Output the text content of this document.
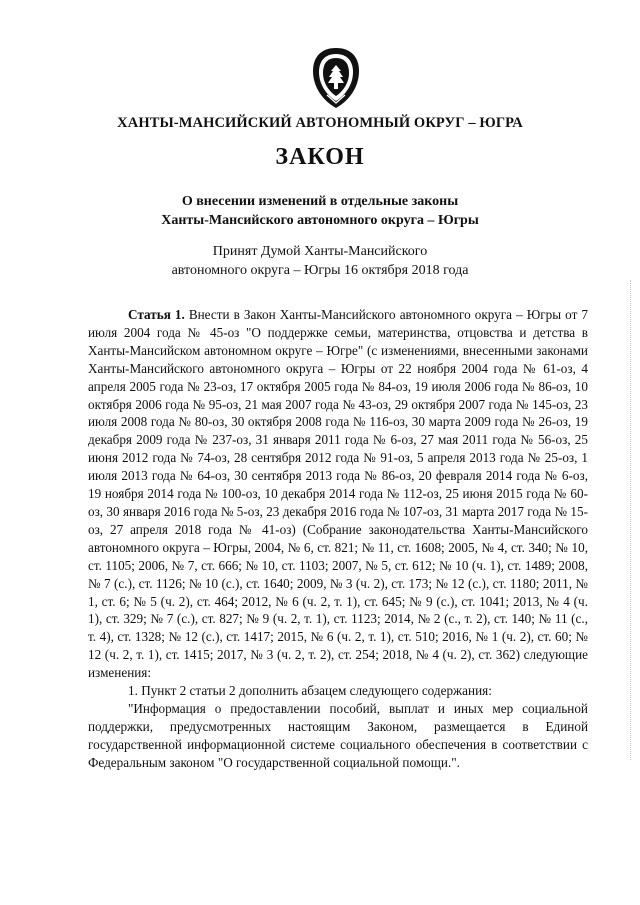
ХАНТЫ-МАНСИЙСКИЙ АВТОНОМНЫЙ ОКРУГ – ЮГРА
ЗАКОН
О внесении изменений в отдельные законы
Ханты-Мансийского автономного округа – Югры
Принят Думой Ханты-Мансийского
автономного округа – Югры 16 октября 2018 года

Статья 1. Внести в Закон Ханты-Мансийского автономного округа – Югры от 7 июля 2004 года № 45-оз "О поддержке семьи, материнства, отцовства и детства в Ханты-Мансийском автономном округе – Югре" (с изменениями, внесенными законами Ханты-Мансийского автономного округа – Югры от 22 ноября 2004 года № 61-оз, 4 апреля 2005 года № 23-оз, 17 октября 2005 года № 84-оз, 19 июля 2006 года № 86-оз, 10 октября 2006 года № 95-оз, 21 мая 2007 года № 43-оз, 29 октября 2007 года № 145-оз, 23 июля 2008 года № 80-оз, 30 октября 2008 года № 116-оз, 30 марта 2009 года № 26-оз, 19 декабря 2009 года № 237-оз, 31 января 2011 года № 6-оз, 27 мая 2011 года № 56-оз, 25 июня 2012 года № 74-оз, 28 сентября 2012 года № 91-оз, 5 апреля 2013 года № 25-оз, 1 июля 2013 года № 64-оз, 30 сентября 2013 года № 86-оз, 20 февраля 2014 года № 6-оз, 19 ноября 2014 года № 100-оз, 10 декабря 2014 года № 112-оз, 25 июня 2015 года № 60-оз, 30 января 2016 года № 5-оз, 23 декабря 2016 года № 107-оз, 31 марта 2017 года № 15-оз, 27 апреля 2018 года № 41-оз) (Собрание законодательства Ханты-Мансийского автономного округа – Югры, 2004, № 6, ст. 821; № 11, ст. 1608; 2005, № 4, ст. 340; № 10, ст. 1105; 2006, № 7, ст. 666; № 10, ст. 1103; 2007, № 5, ст. 612; № 10 (ч. 1), ст. 1489; 2008, № 7 (с.), ст. 1126; № 10 (с.), ст. 1640; 2009, № 3 (ч. 2), ст. 173; № 12 (с.), ст. 1180; 2011, № 1, ст. 6; № 5 (ч. 2), ст. 464; 2012, № 6 (ч. 2, т. 1), ст. 645; № 9 (с.), ст. 1041; 2013, № 4 (ч. 1), ст. 329; № 7 (с.), ст. 827; № 9 (ч. 2, т. 1), ст. 1123; 2014, № 2 (с., т. 2), ст. 140; № 11 (с., т. 4), ст. 1328; № 12 (с.), ст. 1417; 2015, № 6 (ч. 2, т. 1), ст. 510; 2016, № 1 (ч. 2), ст. 60; № 12 (ч. 2, т. 1), ст. 1415; 2017, № 3 (ч. 2, т. 2), ст. 254; 2018, № 4 (ч. 2), ст. 362) следующие изменения:

1. Пункт 2 статьи 2 дополнить абзацем следующего содержания:

"Информация о предоставлении пособий, выплат и иных мер социальной поддержки, предусмотренных настоящим Законом, размещается в Единой государственной информационной системе социального обеспечения в соответствии с Федеральным законом "О государственной социальной помощи.".
